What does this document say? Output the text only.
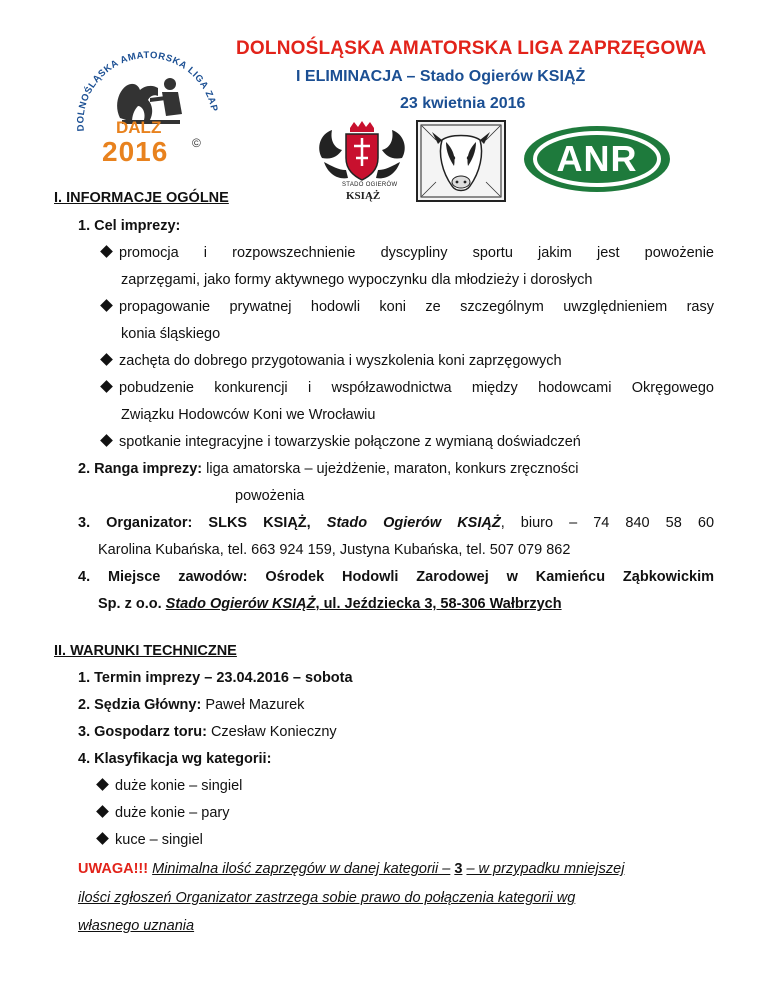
DOLNOŚLĄSKA AMATORSKA LIGA ZAPRZĘGOWA
I ELIMINACJA – Stado Ogierów KSIĄŻ
23 kwietnia 2016
DOLNOŚLĄSKA AMATORSKA LIGA ZAP
DALZ
2016 ©
STADO OGIERÓW
KSIĄŻ
ANR
I. INFORMACJE OGÓLNE
1. Cel imprezy:
promocja i rozpowszechnienie dyscypliny sportu jakim jest powożenie
zaprzęgami, jako formy aktywnego wypoczynku dla młodzieży i dorosłych
propagowanie prywatnej hodowli koni ze szczególnym uwzględnieniem rasy
konia śląskiego
zachęta do dobrego przygotowania i wyszkolenia koni zaprzęgowych
pobudzenie konkurencji i współzawodnictwa między hodowcami Okręgowego
Związku Hodowców Koni we Wrocławiu
spotkanie integracyjne i towarzyskie połączone z wymianą doświadczeń
2. Ranga imprezy: liga amatorska – ujeżdżenie, maraton, konkurs zręczności
powożenia
3. Organizator: SLKS KSIĄŻ, Stado Ogierów KSIĄŻ, biuro – 74 840 58 60
Karolina Kubańska, tel. 663 924 159, Justyna Kubańska, tel. 507 079 862
4. Miejsce zawodów: Ośrodek Hodowli Zarodowej w Kamieńcu Ząbkowickim
Sp. z o.o. Stado Ogierów KSIĄŻ, ul. Jeździecka 3, 58-306 Wałbrzych
II. WARUNKI TECHNICZNE
1. Termin imprezy – 23.04.2016 – sobota
2. Sędzia Główny: Paweł Mazurek
3. Gospodarz toru: Czesław Konieczny
4. Klasyfikacja wg kategorii:
duże konie – singiel
duże konie – pary
kuce – singiel
UWAGA!!! Minimalna ilość zaprzęgów w danej kategorii – 3 – w przypadku mniejszej
ilości zgłoszeń Organizator zastrzega sobie prawo do połączenia kategorii wg
własnego uznania
